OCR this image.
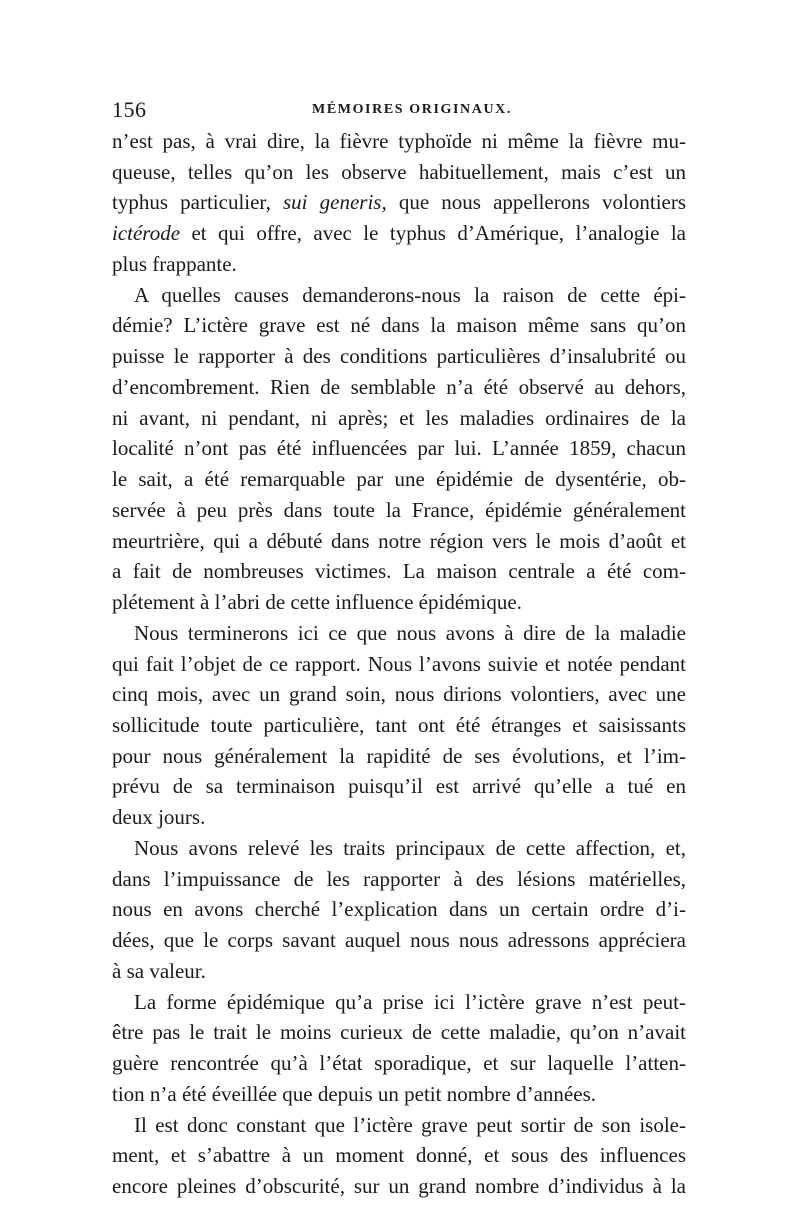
156	MÉMOIRES ORIGINAUX.
n’est pas, à vrai dire, la fièvre typhoïde ni même la fièvre mu-
queuse, telles qu’on les observe habituellement, mais c’est un
typhus particulier, sui generis, que nous appellerons volontiers
ictérode et qui offre, avec le typhus d’Amérique, l’analogie la
plus frappante.
A quelles causes demanderons-nous la raison de cette épi-
démie? L’ictère grave est né dans la maison même sans qu’on
puisse le rapporter à des conditions particulières d’insalubrité ou
d’encombrement. Rien de semblable n’a été observé au dehors,
ni avant, ni pendant, ni après; et les maladies ordinaires de la
localité n’ont pas été influencées par lui. L’année 1859, chacun
le sait, a été remarquable par une épidémie de dysentérie, ob-
servée à peu près dans toute la France, épidémie généralement
meurtrière, qui a débuté dans notre région vers le mois d’août et
a fait de nombreuses victimes. La maison centrale a été com-
plétement à l’abri de cette influence épidémique.
Nous terminerons ici ce que nous avons à dire de la maladie
qui fait l’objet de ce rapport. Nous l’avons suivie et notée pendant
cinq mois, avec un grand soin, nous dirions volontiers, avec une
sollicitude toute particulière, tant ont été étranges et saisissants
pour nous généralement la rapidité de ses évolutions, et l’im-
prévu de sa terminaison puisqu’il est arrivé qu’elle a tué en
deux jours.
Nous avons relevé les traits principaux de cette affection, et,
dans l’impuissance de les rapporter à des lésions matérielles,
nous en avons cherché l’explication dans un certain ordre d’i-
dées, que le corps savant auquel nous nous adressons appréciera
à sa valeur.
La forme épidémique qu’a prise ici l’ictère grave n’est peut-
être pas le trait le moins curieux de cette maladie, qu’on n’avait
guère rencontrée qu’à l’état sporadique, et sur laquelle l’atten-
tion n’a été éveillée que depuis un petit nombre d’années.
Il est donc constant que l’ictère grave peut sortir de son isole-
ment, et s’abattre à un moment donné, et sous des influences
encore pleines d’obscurité, sur un grand nombre d’individus à la
